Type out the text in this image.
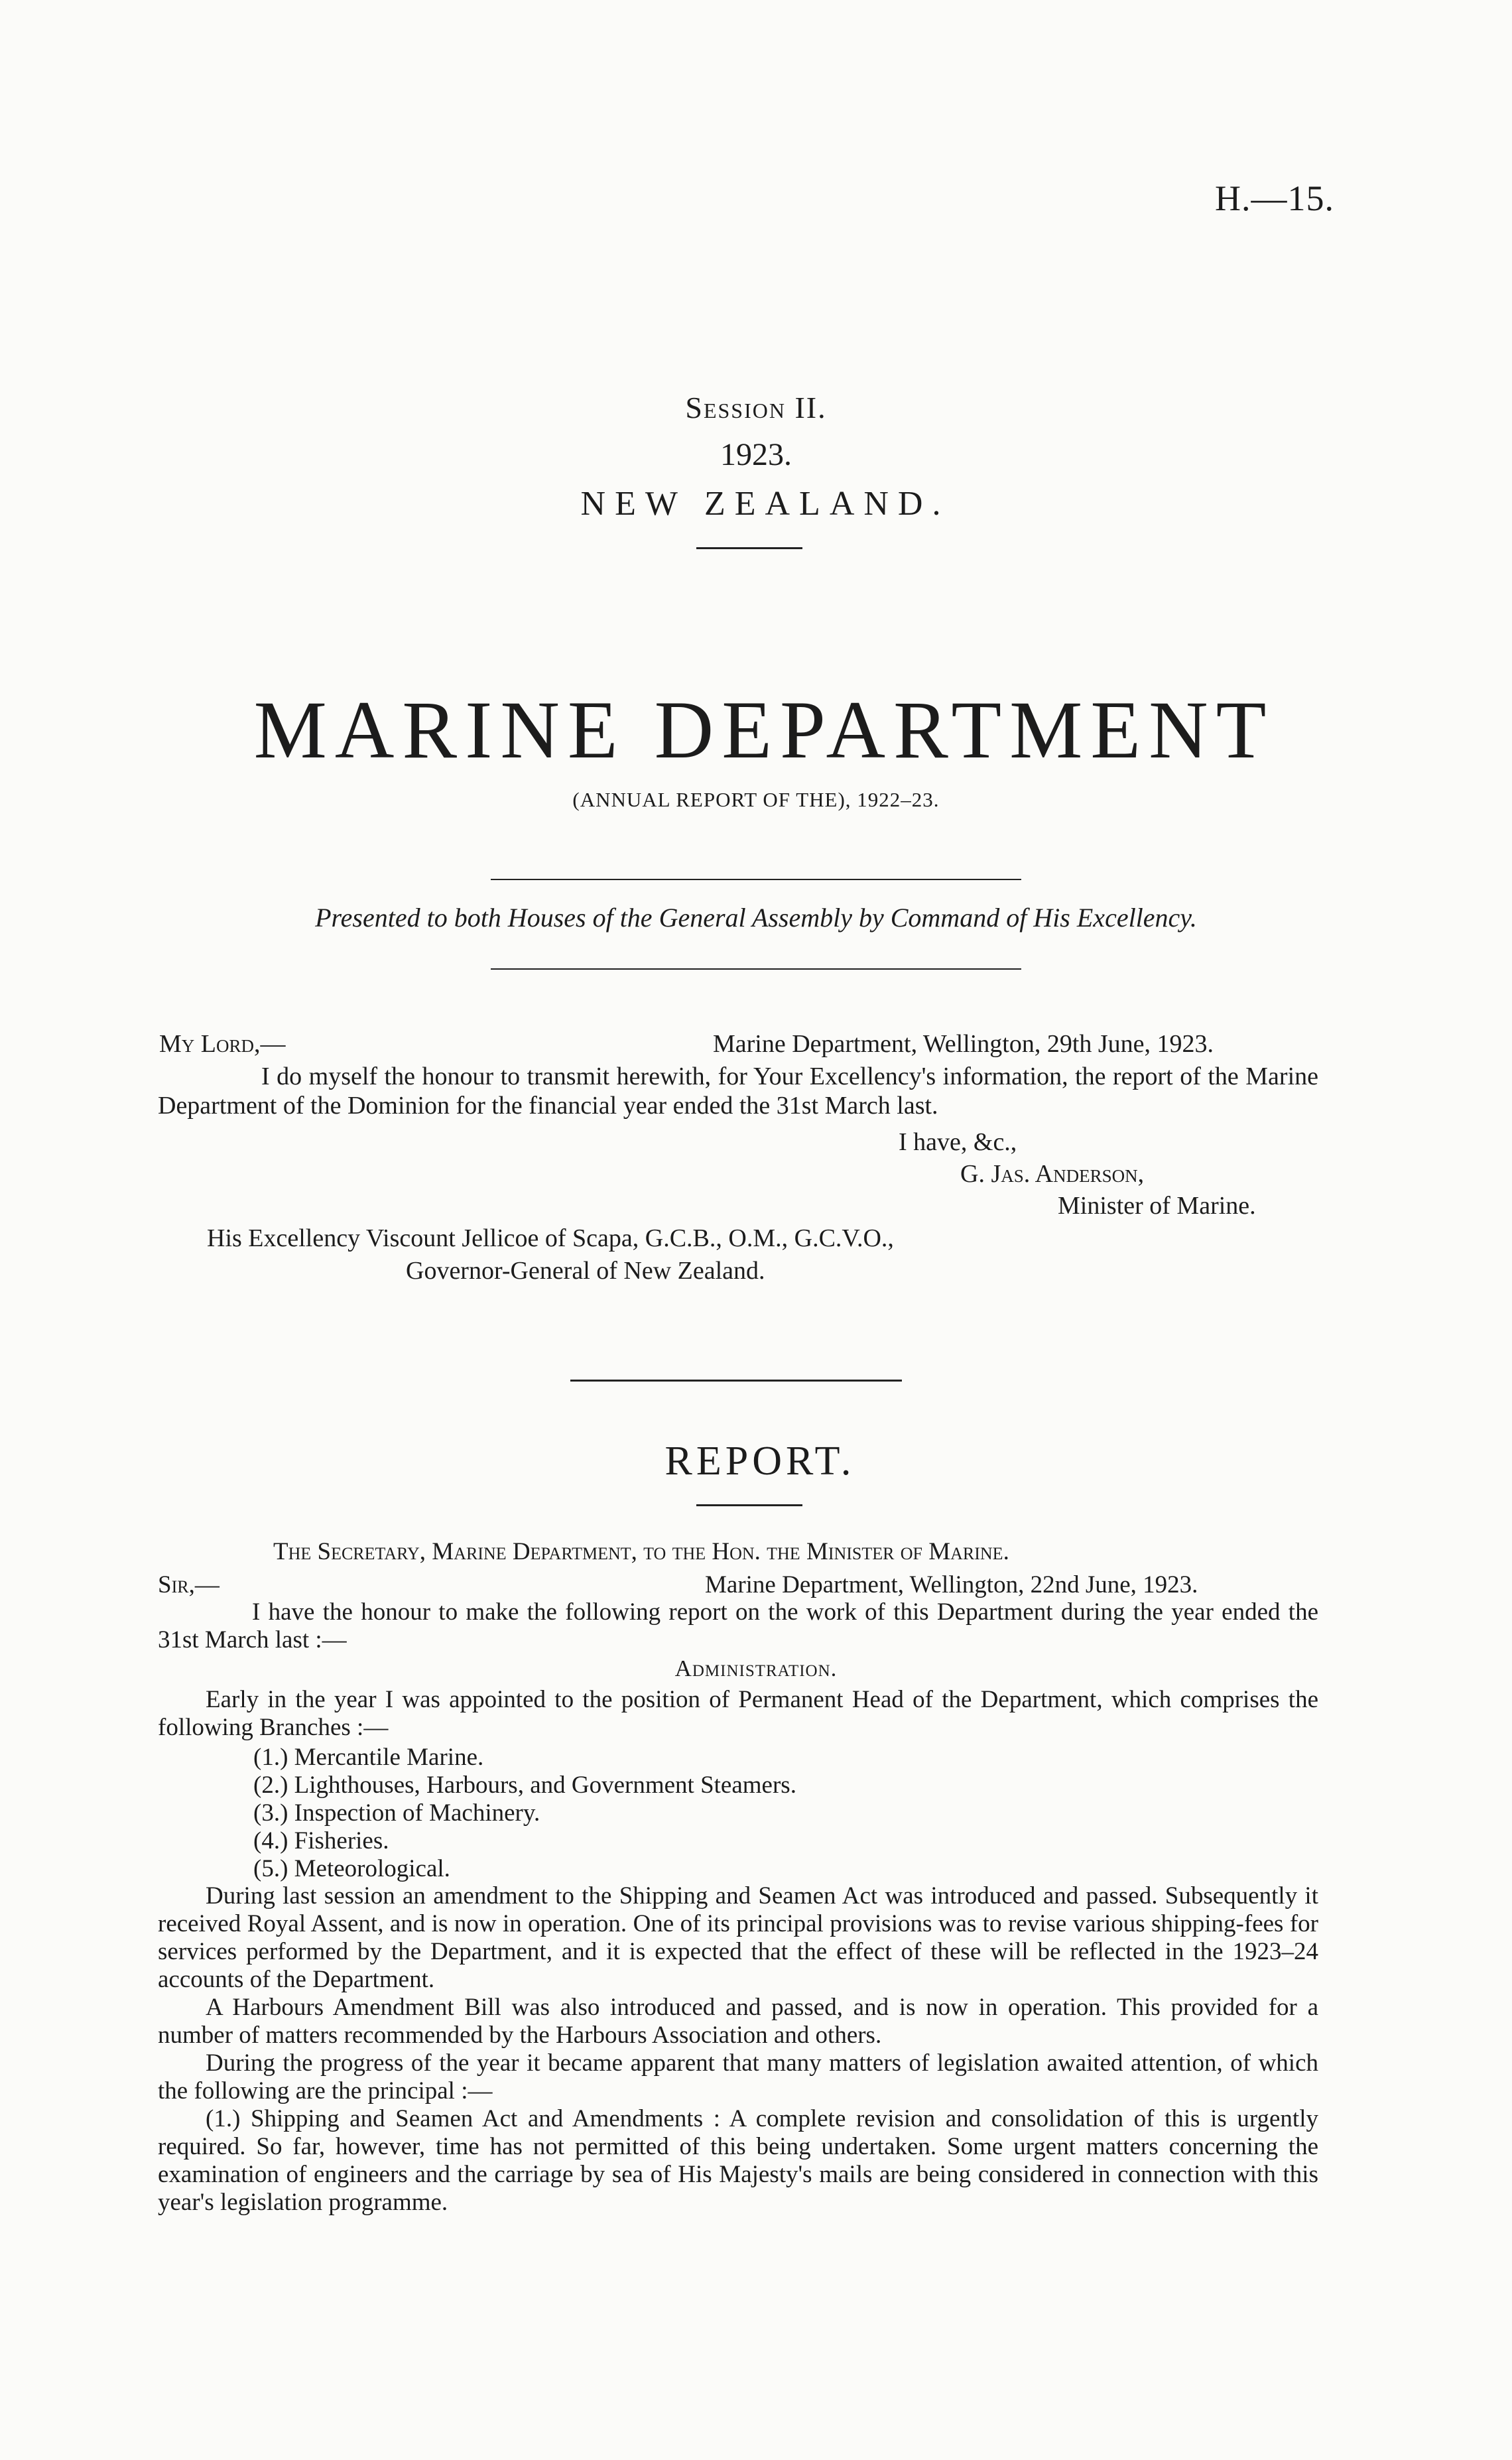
H.—15.
Session II.
1923.
NEW ZEALAND.
MARINE DEPARTMENT
(ANNUAL REPORT OF THE), 1922–23.
Presented to both Houses of the General Assembly by Command of His Excellency.
My Lord,—	Marine Department, Wellington, 29th June, 1923.
I do myself the honour to transmit herewith, for Your Excellency's information, the report of the Marine Department of the Dominion for the financial year ended the 31st March last.
I have, &c.,
G. Jas. Anderson,
Minister of Marine.
His Excellency Viscount Jellicoe of Scapa, G.C.B., O.M., G.C.V.O.,
Governor-General of New Zealand.
REPORT.
The Secretary, Marine Department, to the Hon. the Minister of Marine.
Sir,—	Marine Department, Wellington, 22nd June, 1923.
I have the honour to make the following report on the work of this Department during the year ended the 31st March last :—
Administration.
Early in the year I was appointed to the position of Permanent Head of the Department, which comprises the following Branches :—
(1.) Mercantile Marine.
(2.) Lighthouses, Harbours, and Government Steamers.
(3.) Inspection of Machinery.
(4.) Fisheries.
(5.) Meteorological.
During last session an amendment to the Shipping and Seamen Act was introduced and passed. Subsequently it received Royal Assent, and is now in operation. One of its principal provisions was to revise various shipping-fees for services performed by the Department, and it is expected that the effect of these will be reflected in the 1923–24 accounts of the Department.
A Harbours Amendment Bill was also introduced and passed, and is now in operation. This provided for a number of matters recommended by the Harbours Association and others.
During the progress of the year it became apparent that many matters of legislation awaited attention, of which the following are the principal :—
(1.) Shipping and Seamen Act and Amendments : A complete revision and consolidation of this is urgently required. So far, however, time has not permitted of this being undertaken. Some urgent matters concerning the examination of engineers and the carriage by sea of His Majesty's mails are being considered in connection with this year's legislation programme.
